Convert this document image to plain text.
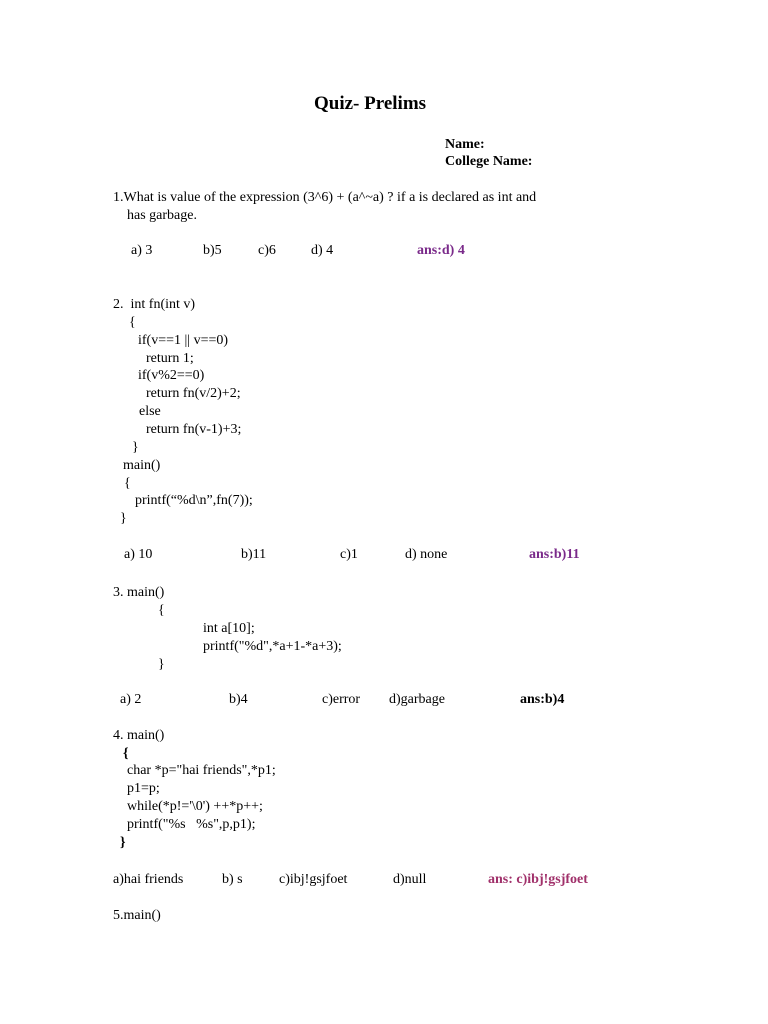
Quiz- Prelims
Name:
College Name:
1.What is value of the expression (3^6) + (a^~a) ? if a is declared as int and
has garbage.
a) 3	b)5	c)6	d) 4	ans:d) 4
2.  int fn(int v)
{
if(v==1 || v==0)
return 1;
if(v%2==0)
return fn(v/2)+2;
else
return fn(v-1)+3;
}
main()
{
printf(“%d\n”,fn(7));
}
a) 10	b)11	c)1	d) none	ans:b)11
3. main()
{
int a[10];
printf("%d",*a+1-*a+3);
}
a) 2	b)4	c)error d)garbage	ans:b)4
4. main()
{
char *p="hai friends",*p1;
p1=p;
while(*p!='\0') ++*p++;
printf("%s   %s",p,p1);
}
a)hai friends	b) s	c)ibj!gsjfoet	d)null	ans: c)ibj!gsjfoet
5.main()
